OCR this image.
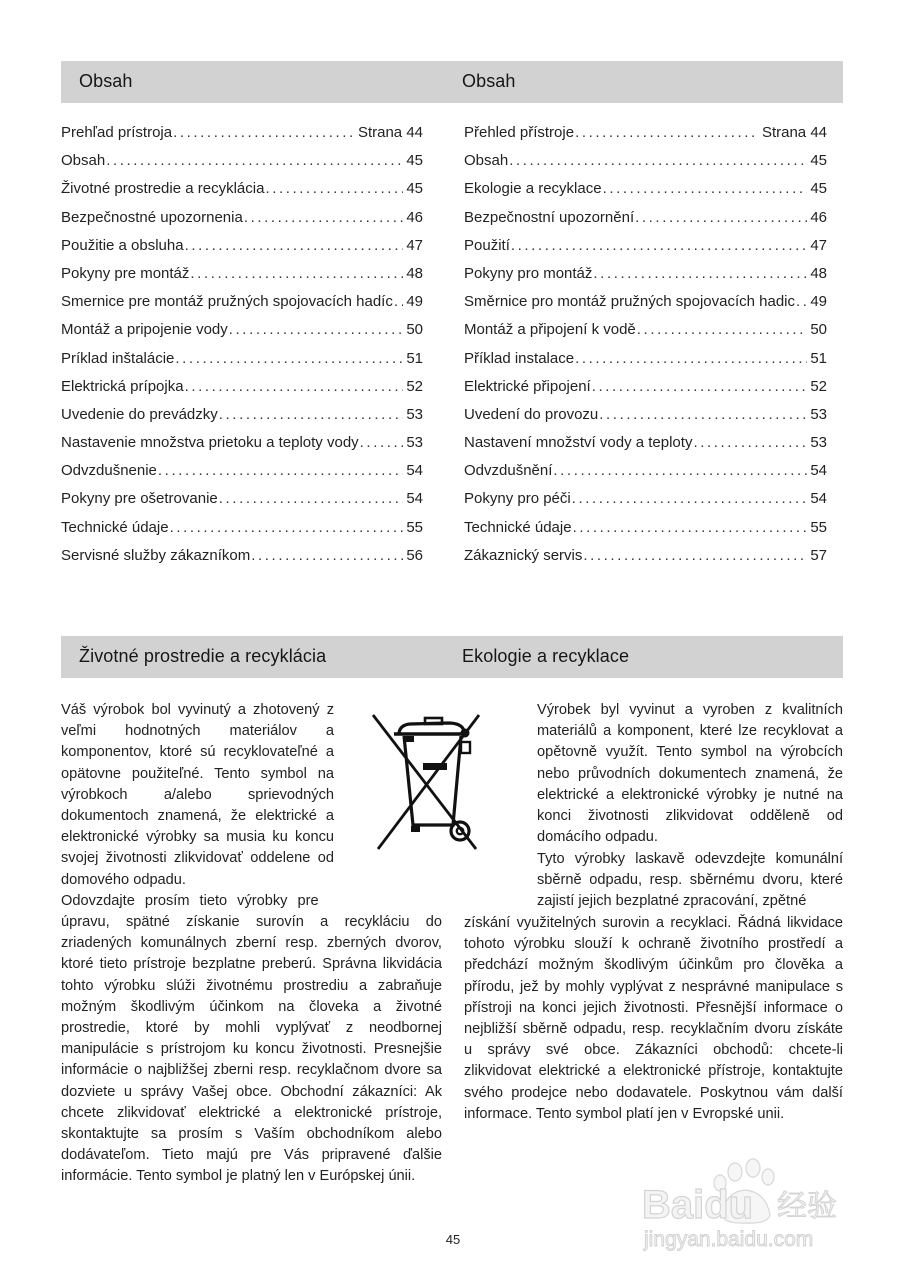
Obsah	Obsah
Prehľad prístroja .....	Strana 44
Obsah .....	45
Životné prostredie a recyklácia .....	45
Bezpečnostné upozornenia .....	46
Použitie a obsluha .....	47
Pokyny pre montáž .....	48
Smernice pre montáž pružných spojovacích hadíc ..... 49
Montáž a pripojenie vody .....	50
Príklad inštalácie .....	51
Elektrická prípojka .....	52
Uvedenie do prevádzky .....	53
Nastavenie množstva prietoku a teploty vody .....	53
Odvzdušnenie .....	54
Pokyny pre ošetrovanie .....	54
Technické údaje .....	55
Servisné služby zákazníkom .....	56
Přehled přístroje .....	Strana 44
Obsah .....	45
Ekologie a recyklace .....	45
Bezpečnostní upozornění .....	46
Použití .....	47
Pokyny pro montáž .....	48
Směrnice pro montáž pružných spojovacích hadic ..... 49
Montáž a připojení k vodě .....	50
Příklad instalace .....	51
Elektrické připojení .....	52
Uvedení do provozu .....	53
Nastavení množství vody a teploty .....	53
Odvzdušnění .....	54
Pokyny pro péči .....	54
Technické údaje .....	55
Zákaznický servis .....	57
Životné prostredie a recyklácia	Ekologie a recyklace

Váš výrobok bol vyvinutý a zhotovený z veľmi hodnotných materiálov a komponentov, ktoré sú recyklovateľné a opätovne použiteľné. Tento symbol na výrobkoch a/alebo sprievodných dokumentoch znamená, že elektrické a elektronické výrobky sa musia ku koncu svojej životnosti zlikvidovať oddelene od domového odpadu.

Odovzdajte prosím tieto výrobky pre

úpravu, spätné získanie surovín a recykláciu do zriadených komunálnych zberní resp. zberných dvorov, ktoré tieto prístroje bezplatne preberú. Správna likvidácia tohto výrobku slúži životnému prostrediu a zabraňuje možným škodlivým účinkom na človeka a životné prostredie, ktoré by mohli vyplývať z neodbornej manipulácie s prístrojom ku koncu životnosti. Presnejšie informácie o najbližšej zberni resp. recyklačnom dvore sa dozviete u správy Vašej obce. Obchodní zákazníci: Ak chcete zlikvidovať elektrické a elektronické prístroje, skontaktujte sa prosím s Vaším obchodníkom alebo dodávateľom. Tieto majú pre Vás pripravené ďalšie informácie. Tento symbol je platný len v Európskej únii.

Výrobek byl vyvinut a vyroben z kvalitních materiálů a komponent, které lze recyklovat a opětovně využít. Tento symbol na výrobcích nebo průvodních dokumentech znamená, že elektrické a elektronické výrobky je nutné na konci životnosti zlikvidovat odděleně od domácího odpadu.

Tyto výrobky laskavě odevzdejte komunální sběrně odpadu, resp. sběrnému dvoru, které zajistí jejich bezplatné zpracování, zpětné

získání využitelných surovin a recyklaci. Řádná likvidace tohoto výrobku slouží k ochraně životního prostředí a předchází možným škodlivým účinkům pro člověka a přírodu, jež by mohly vyplývat z nesprávné manipulace s přístroji na konci jejich životnosti. Přesnější informace o nejbližší sběrně odpadu, resp. recyklačním dvoru získáte u správy své obce. Zákazníci obchodů: chcete-li zlikvidovat elektrické a elektronické přístroje, kontaktujte svého prodejce nebo dodavatele. Poskytnou vám další informace. Tento symbol platí jen v Evropské unii.

Baidu 经验
jingyan.baidu.com
45
